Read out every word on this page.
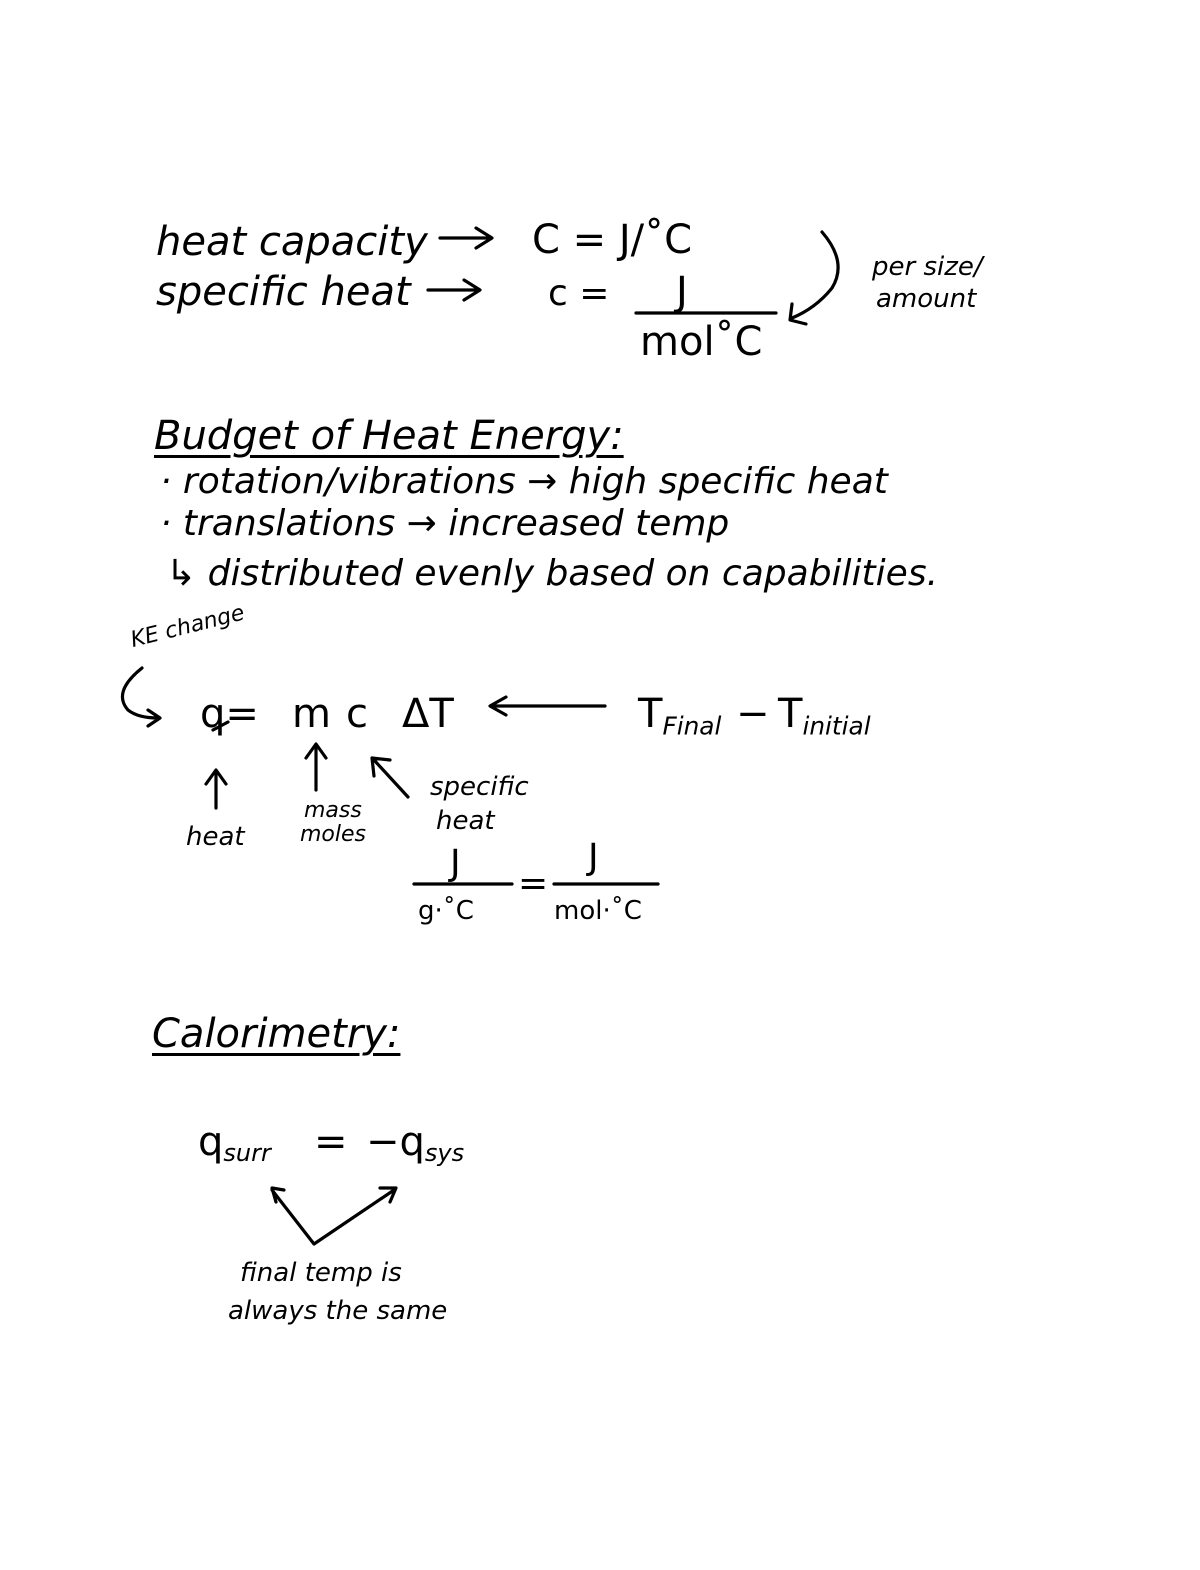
heat capacity	C = J/˚C
specific heat	c = J
mol˚C
per size/
amount
Budget of Heat Energy:
· rotation/vibrations → high specific heat
· translations → increased temp
↳ distributed evenly based on capabilities.
KE change
q= m c ΔT	$T_{Final} - T_{initial}$
heat
mass
moles
specific
heat
J
g·˚C
=
J
mol·˚C
Calorimetry:
$q_{surr} = -q_{sys}$
final temp is
always the same
